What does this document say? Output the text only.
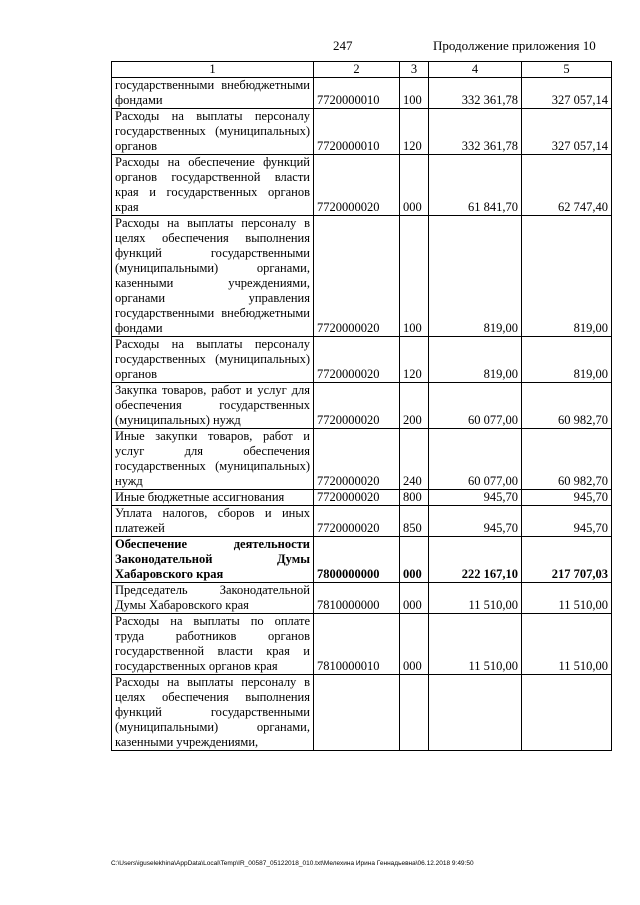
247	Продолжение приложения 10
1	2	3	4	5
государственными внебюджетными фондами	7720000010	100	332 361,78	327 057,14
Расходы на выплаты персоналу государственных (муниципальных) органов	7720000010	120	332 361,78	327 057,14
Расходы на обеспечение функций органов государственной власти края и государственных органов края	7720000020	000	61 841,70	62 747,40
Расходы на выплаты персоналу в целях обеспечения выполнения функций государственными (муниципальными) органами, казенными учреждениями, органами управления государственными внебюджетными фондами	7720000020	100	819,00	819,00
Расходы на выплаты персоналу государственных (муниципальных) органов	7720000020	120	819,00	819,00
Закупка товаров, работ и услуг для обеспечения государственных (муниципальных) нужд	7720000020	200	60 077,00	60 982,70
Иные закупки товаров, работ и услуг для обеспечения государственных (муниципальных) нужд	7720000020	240	60 077,00	60 982,70
Иные бюджетные ассигнования	7720000020	800	945,70	945,70
Уплата налогов, сборов и иных платежей	7720000020	850	945,70	945,70
Обеспечение деятельности Законодательной Думы Хабаровского края	7800000000	000	222 167,10	217 707,03
Председатель Законодательной Думы Хабаровского края	7810000000	000	11 510,00	11 510,00
Расходы на выплаты по оплате труда работников органов государственной власти края и государственных органов края	7810000010	000	11 510,00	11 510,00
Расходы на выплаты персоналу в целях обеспечения выполнения функций государственными (муниципальными) органами, казенными учреждениями,				
C:\Users\iguselekhina\AppData\Local\Temp\IR_00587_05122018_010.txt\Мелехина Ирина Геннадьевна\06.12.2018 9:49:50
